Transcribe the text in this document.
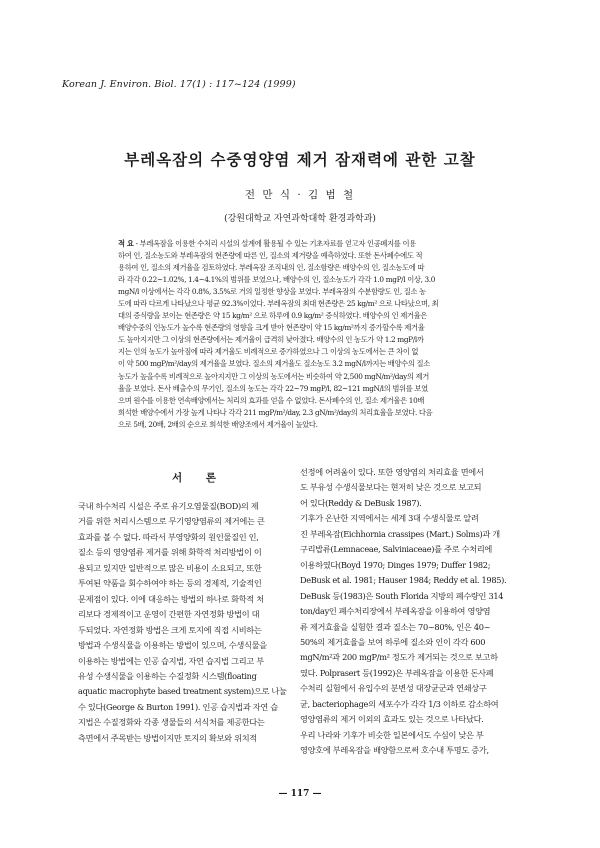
Korean J. Environ. Biol. 17(1) : 117~124 (1999)
부레옥잠의 수중영양염 제거 잠재력에 관한 고찰
전 만 식 · 김 범 철
(강원대학교 자연과학대학 환경과학과)
적 요 - 부레옥잠을 이용한 수처리 시설의 설계에 활용될 수 있는 기초자료를 얻고자 인공폐지를 이용
하여 인, 질소농도와 부레옥잠의 현존량에 따른 인, 질소의 제거량을 예측하였다. 또한 돈사폐수에도 적
용하여 인, 질소의 제거율을 검토하였다. 부레옥잠 조직내의 인, 질소함량은 배양수의 인, 질소농도에 따
라 각각 0.22~1.02%, 1.4~4.1%의 범위를 보였으나, 배양수의 인, 질소농도가 각각 1.0 mgP/l 이상, 3.0
mgN/l 이상에서는 각각 0.8%, 3.5%로 거의 일정한 향상을 보였다. 부레옥잠의 수분함량도 인, 질소 농
도에 따라 다르게 나타났으나 평균 92.3%이었다. 부레옥잠의 최대 현존량은 25 kg/m² 으로 나타났으며, 최
대의 증식량을 보이는 현존량은 약 15 kg/m² 으로 하루에 0.9 kg/m² 증식하였다. 배양수의 인 제거율은
배양수중의 인농도가 높수록 현존량의 영향을 크게 받아 현존량이 약 15 kg/m²까지 증가할수록 제거율
도 높아지지만 그 이상의 현존량에서는 제거율이 급격히 낮아졌다. 배양수의 인 농도가 약 1.2 mgP/l까
지는 인의 농도가 높아짐에 따라 제거율도 비례적으로 증가하였으나 그 이상의 농도에서는 큰 차이 없
이 약 500 mgP/m²/day의 제거율을 보였다. 질소의 제거율도 질소농도 3.2 mgN/l까지는 배양수의 질소
농도가 높을수록 비례적으로 높아지지만 그 이상의 농도에서는 비슷하여 약 2,500 mgN/m²/day의 제거
율을 보였다. 돈사 배출수의 무기인, 질소의 농도는 각각 22~79 mgP/l, 82~121 mgN/l의 범위를 보였
으며 원수를 이용한 연속배양에서는 처리의 효과를 얻을 수 없었다. 돈사폐수의 인, 질소 제거율은 10배
희석한 배양수에서 가장 높게 나타나 각각 211 mgP/m²/day, 2.3 gN/m²/day의 처리효율을 보였다. 다음
으로 5배, 20배, 2배의 순으로 희석한 배양조에서 제거율이 높았다.
서 론
국내 하수처리 시설은 주로 유기오염물질(BOD)의 제
거를 위한 처리시스템으로 무기영양염류의 제거에는 큰
효과를 볼 수 없다. 따라서 부영양화의 원인물질인 인,
질소 등의 영양염류 제거를 위해 화학적 처리방법이 이
용되고 있지만 일반적으로 많은 비용이 소요되고, 또한
투여된 약품을 회수하여야 하는 등의 경제적, 기술적인
문제점이 있다. 이에 대응하는 방법의 하나로 화학적 처
리보다 경제적이고 운영이 간편한 자연정화 방법이 대
두되었다. 자연정화 방법은 크게 토지에 직접 시비하는
방법과 수생식물을 이용하는 방법이 있으며, 수생식물을
이용하는 방법에는 인공 습지법, 자연 습지법 그리고 부
유성 수생식물을 이용하는 수질정화 시스템(floating
aquatic macrophyte based treatment system)으로 나눌
수 있다(George & Burton 1991). 인공 습지법과 자연 습
지법은 수질정화와 각종 생물들의 서식처를 제공한다는
측면에서 주목받는 방법이지만 토지의 확보와 위치적
선정에 어려움이 있다. 또한 영양염의 처리효율 면에서
도 부유성 수생식물보다는 현저히 낮은 것으로 보고되
어 있다(Reddy & DeBusk 1987).
기후가 온난한 지역에서는 세계 3대 수생식물로 알려
진 부레옥잠(Eichhornia crassipes (Mart.) Solms)과 개
구리밥류(Lemnaceae, Salviniaceae)를 주로 수처리에
이용하였다(Boyd 1970; Dinges 1979; Duffer 1982;
DeBusk et al. 1981; Hauser 1984; Reddy et al. 1985).
DeBusk 등(1983)은 South Florida 지방의 폐수량인 314
ton/day인 폐수처리장에서 부레옥잠을 이용하여 영양염
류 제거효율을 실험한 결과 질소는 70~80%, 인은 40~
50%의 제거효율을 보여 하루에 질소와 인이 각각 600
mgN/m²과 200 mgP/m² 정도가 제거되는 것으로 보고하
였다. Polprasert 등(1992)은 부레옥잠을 이용한 돈사폐
수처리 실험에서 유입수의 분변성 대장균군과 연쇄상구
균, bacteriophage의 세포수가 각각 1/3 이하로 감소하여
영양염류의 제거 이외의 효과도 있는 것으로 나타났다.
우리 나라와 기후가 비슷한 일본에서도 수심이 낮은 부
영양호에 부레옥잠을 배양함으로써 호수내 투명도 증가,
— 117 —
